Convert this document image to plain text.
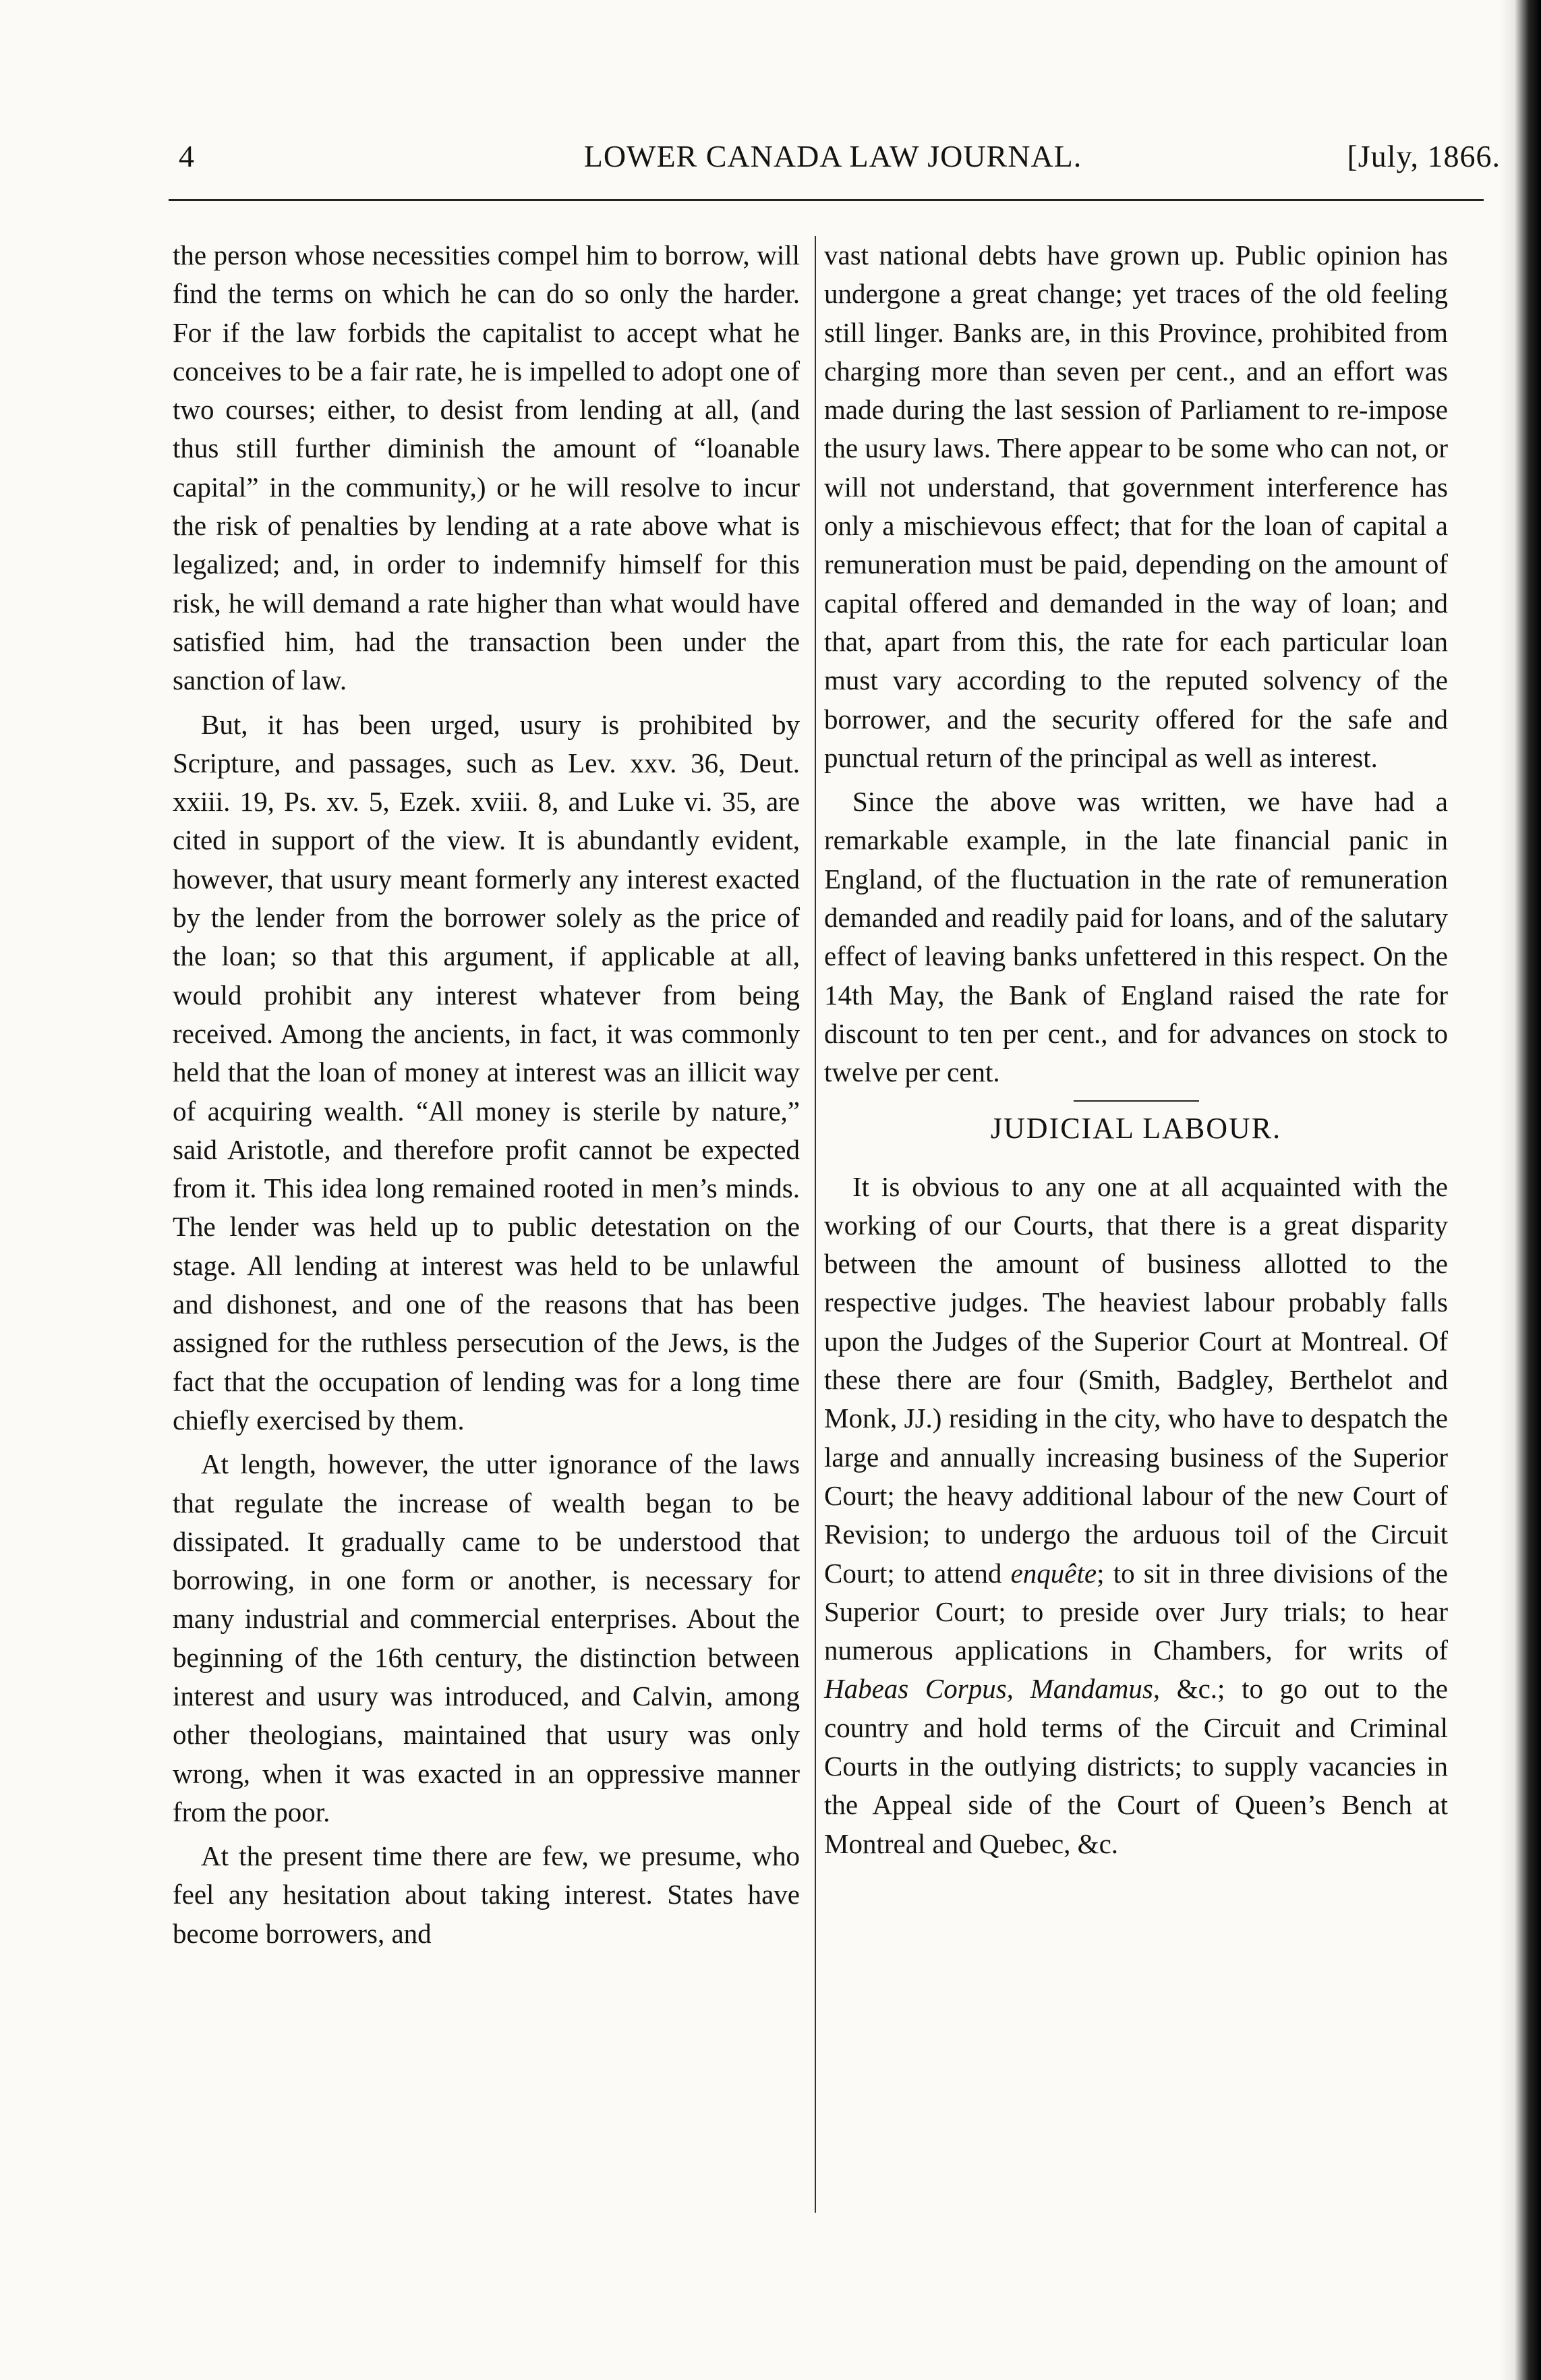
4	LOWER CANADA LAW JOURNAL.	[July, 1866.

the person whose necessities compel him to borrow, will find the terms on which he can do so only the harder. For if the law forbids the capitalist to accept what he conceives to be a fair rate, he is impelled to adopt one of two courses; either, to desist from lending at all, (and thus still further diminish the amount of “loanable capital” in the community,) or he will resolve to incur the risk of penalties by lending at a rate above what is legalized; and, in order to indemnify himself for this risk, he will demand a rate higher than what would have satisfied him, had the transaction been under the sanction of law.

But, it has been urged, usury is prohibited by Scripture, and passages, such as Lev. xxv. 36, Deut. xxiii. 19, Ps. xv. 5, Ezek. xviii. 8, and Luke vi. 35, are cited in support of the view. It is abundantly evident, however, that usury meant formerly any interest exacted by the lender from the borrower solely as the price of the loan; so that this argument, if applicable at all, would prohibit any interest whatever from being received. Among the ancients, in fact, it was commonly held that the loan of money at interest was an illicit way of acquiring wealth. “All money is sterile by nature,” said Aristotle, and therefore profit cannot be expected from it. This idea long remained rooted in men’s minds. The lender was held up to public detestation on the stage. All lending at interest was held to be unlawful and dishonest, and one of the reasons that has been assigned for the ruthless persecution of the Jews, is the fact that the occupation of lending was for a long time chiefly exercised by them.

At length, however, the utter ignorance of the laws that regulate the increase of wealth began to be dissipated. It gradually came to be understood that borrowing, in one form or another, is necessary for many industrial and commercial enterprises. About the beginning of the 16th century, the distinction between interest and usury was introduced, and Calvin, among other theologians, maintained that usury was only wrong, when it was exacted in an oppressive manner from the poor.

At the present time there are few, we presume, who feel any hesitation about taking interest. States have become borrowers, and

vast national debts have grown up. Public opinion has undergone a great change; yet traces of the old feeling still linger. Banks are, in this Province, prohibited from charging more than seven per cent., and an effort was made during the last session of Parliament to re-impose the usury laws. There appear to be some who can not, or will not understand, that government interference has only a mischievous effect; that for the loan of capital a remuneration must be paid, depending on the amount of capital offered and demanded in the way of loan; and that, apart from this, the rate for each particular loan must vary according to the reputed solvency of the borrower, and the security offered for the safe and punctual return of the principal as well as interest.

Since the above was written, we have had a remarkable example, in the late financial panic in England, of the fluctuation in the rate of remuneration demanded and readily paid for loans, and of the salutary effect of leaving banks unfettered in this respect. On the 14th May, the Bank of England raised the rate for discount to ten per cent., and for advances on stock to twelve per cent.

JUDICIAL LABOUR.

It is obvious to any one at all acquainted with the working of our Courts, that there is a great disparity between the amount of business allotted to the respective judges. The heaviest labour probably falls upon the Judges of the Superior Court at Montreal. Of these there are four (Smith, Badgley, Berthelot and Monk, JJ.) residing in the city, who have to despatch the large and annually increasing business of the Superior Court; the heavy additional labour of the new Court of Revision; to undergo the arduous toil of the Circuit Court; to attend enquête; to sit in three divisions of the Superior Court; to preside over Jury trials; to hear numerous applications in Chambers, for writs of Habeas Corpus, Mandamus, &c.; to go out to the country and hold terms of the Circuit and Criminal Courts in the outlying districts; to supply vacancies in the Appeal side of the Court of Queen’s Bench at Montreal and Quebec, &c.
